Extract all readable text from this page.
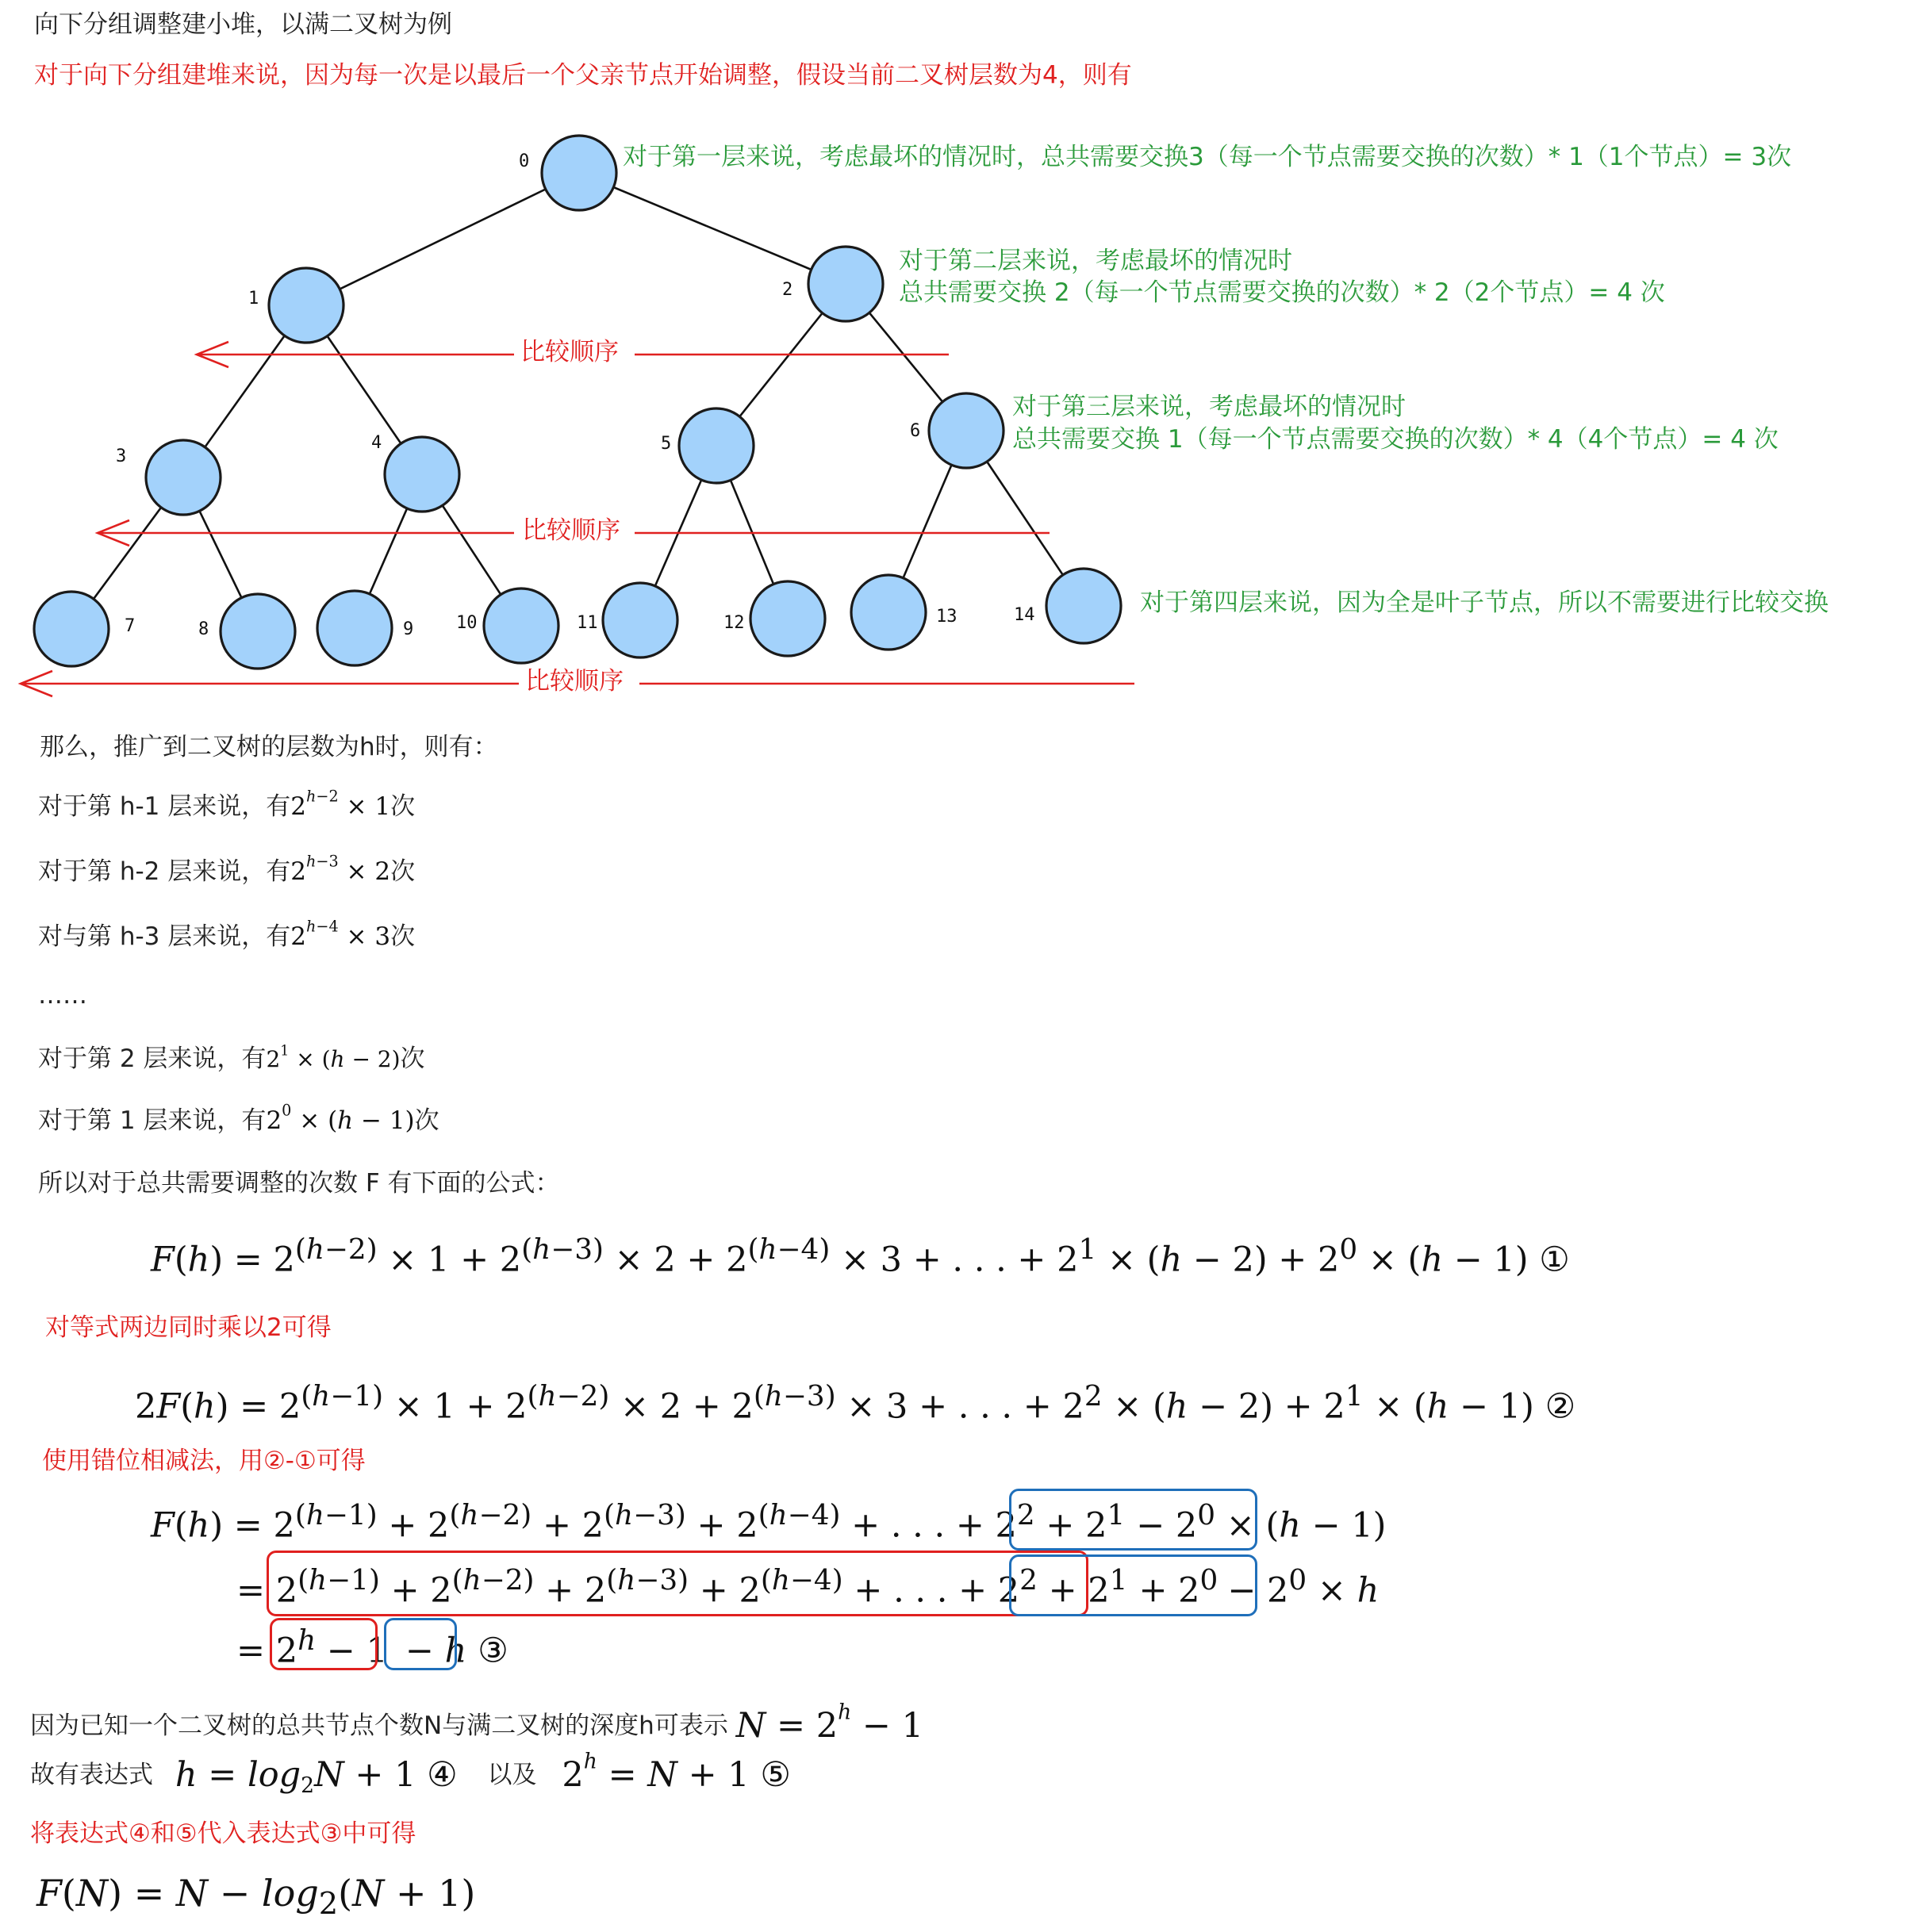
向下分组调整建小堆，以满二叉树为例
对于向下分组建堆来说，因为每一次是以最后一个父亲节点开始调整，假设当前二叉树层数为4，则有
0
1	2
3
4	5
6
7	8	9 10	11	12	13	14
比较顺序
比较顺序
比较顺序
对于第一层来说，考虑最坏的情况时，总共需要交换3（每一个节点需要交换的次数）* 1（1个节点）= 3次
对于第二层来说，考虑最坏的情况时
总共需要交换 2（每一个节点需要交换的次数）* 2（2个节点）= 4 次
对于第三层来说，考虑最坏的情况时
总共需要交换 1（每一个节点需要交换的次数）* 4（4个节点）= 4 次
对于第四层来说，因为全是叶子节点，所以不需要进行比较交换
那么，推广到二叉树的层数为h时，则有：
对于第 h-1 层来说，有$2^{h-2} \times 1$次
对于第 h-2 层来说，有$2^{h-3} \times 2$次
对与第 h-3 层来说，有$2^{h-4} \times 3$次
……
对于第 2 层来说，有$2^1 \times (h - 2)$次
对于第 1 层来说，有$2^0 \times (h - 1)$次
所以对于总共需要调整的次数 F 有下面的公式：
$F(h) = 2^{(h-2)} \times 1 + 2^{(h-3)} \times 2 + 2^{(h-4)} \times 3$ + . . . + $2^1 \times (h - 2) + 2^0 \times (h - 1)$ ①
对等式两边同时乘以2可得
$2F(h) = 2^{(h-1)} \times 1 + 2^{(h-2)} \times 2 + 2^{(h-3)} \times 3$ + . . . + $2^2 \times (h - 2) + 2^1 \times (h - 1)$ ②
使用错位相减法，用②-①可得
$F(h) = 2^{(h-1)} + 2^{(h-2)} + 2^{(h-3)} + 2^{(h-4)}$ + . . . + $2^2 + 2^1 - 2^0 \times (h - 1)$
= $2^{(h-1)} + 2^{(h-2)} + 2^{(h-3)} + 2^{(h-4)}$ + . . . + $2^2 + 2^1 + 2^0 - 2^0 \times h$
= $2^h - 1 - h$ ③
因为已知一个二叉树的总共节点个数N与满二叉树的深度h可表示 $N = 2^h - 1$
故有表达式 $h = \log_2N + 1$ ④ 以及 $2^h = N + 1$ ⑤
将表达式④和⑤代入表达式③中可得
$F(N) = N - \log_2(N + 1)$
